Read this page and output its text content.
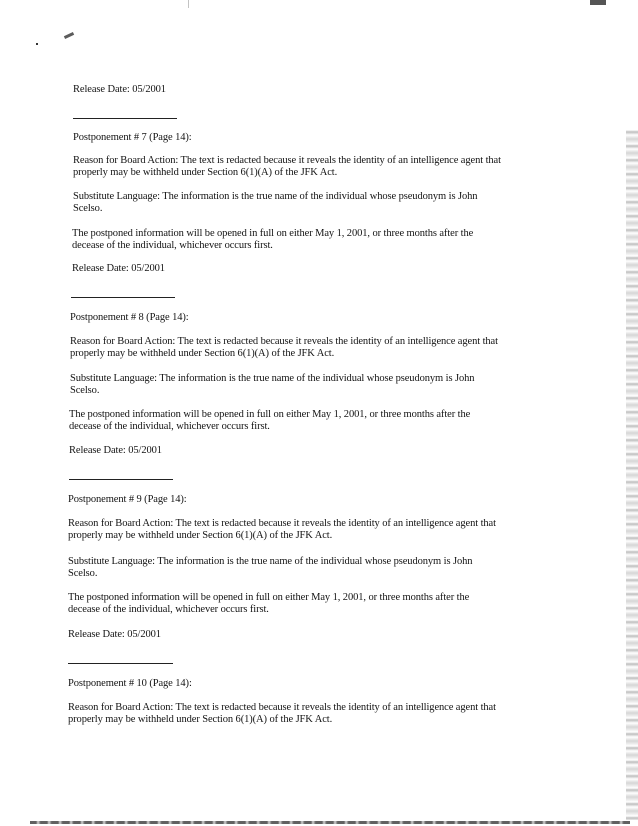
Release Date: 05/2001
Postponement # 7 (Page 14):
Reason for Board Action: The text is redacted because it reveals the identity of an intelligence agent that
properly may be withheld under Section 6(1)(A) of the JFK Act.
Substitute Language: The information is the true name of the individual whose pseudonym is John
Scelso.
The postponed information will be opened in full on either May 1, 2001, or three months after the
decease of the individual, whichever occurs first.
Release Date: 05/2001
Postponement # 8 (Page 14):
Reason for Board Action: The text is redacted because it reveals the identity of an intelligence agent that
properly may be withheld under Section 6(1)(A) of the JFK Act.
Substitute Language: The information is the true name of the individual whose pseudonym is John
Scelso.
The postponed information will be opened in full on either May 1, 2001, or three months after the
decease of the individual, whichever occurs first.
Release Date: 05/2001
Postponement # 9 (Page 14):
Reason for Board Action: The text is redacted because it reveals the identity of an intelligence agent that
properly may be withheld under Section 6(1)(A) of the JFK Act.
Substitute Language: The information is the true name of the individual whose pseudonym is John
Scelso.
The postponed information will be opened in full on either May 1, 2001, or three months after the
decease of the individual, whichever occurs first.
Release Date: 05/2001
Postponement # 10 (Page 14):
Reason for Board Action: The text is redacted because it reveals the identity of an intelligence agent that
properly may be withheld under Section 6(1)(A) of the JFK Act.
